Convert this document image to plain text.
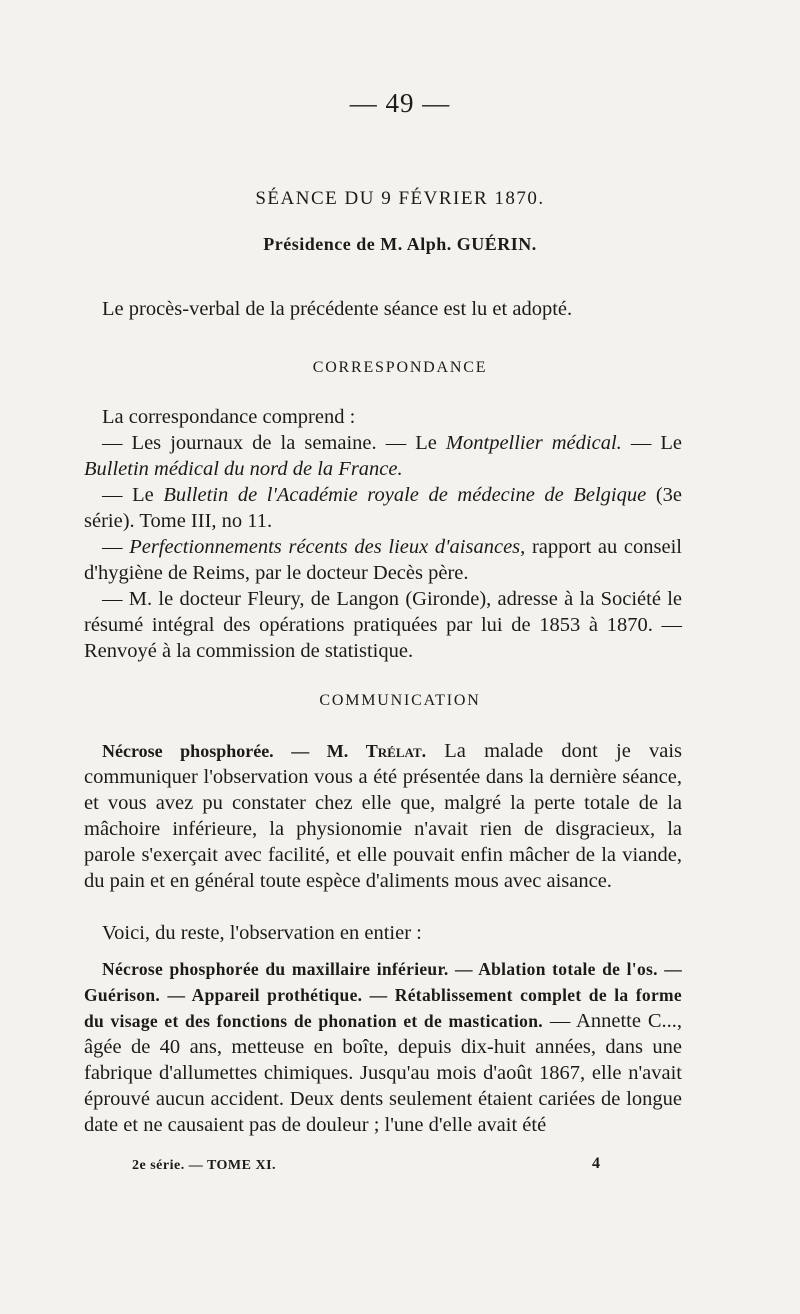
— 49 —
SÉANCE DU 9 FÉVRIER 1870.
Présidence de M. Alph. GUÉRIN.

Le procès-verbal de la précédente séance est lu et adopté.

CORRESPONDANCE

La correspondance comprend :

— Les journaux de la semaine. — Le Montpellier médical. — Le Bulletin médical du nord de la France.

— Le Bulletin de l'Académie royale de médecine de Belgique (3e série). Tome III, no 11.

— Perfectionnements récents des lieux d'aisances, rapport au conseil d'hygiène de Reims, par le docteur Decès père.

— M. le docteur Fleury, de Langon (Gironde), adresse à la Société le résumé intégral des opérations pratiquées par lui de 1853 à 1870. — Renvoyé à la commission de statistique.

COMMUNICATION

Nécrose phosphorée. — M. Trélat. La malade dont je vais communiquer l'observation vous a été présentée dans la dernière séance, et vous avez pu constater chez elle que, malgré la perte totale de la mâchoire inférieure, la physionomie n'avait rien de disgracieux, la parole s'exerçait avec facilité, et elle pouvait enfin mâcher de la viande, du pain et en général toute espèce d'aliments mous avec aisance.

Voici, du reste, l'observation en entier :

Nécrose phosphorée du maxillaire inférieur. — Ablation totale de l'os. — Guérison. — Appareil prothétique. — Rétablissement complet de la forme du visage et des fonctions de phonation et de mastication. — Annette C..., âgée de 40 ans, metteuse en boîte, depuis dix-huit années, dans une fabrique d'allumettes chimiques. Jusqu'au mois d'août 1867, elle n'avait éprouvé aucun accident. Deux dents seulement étaient cariées de longue date et ne causaient pas de douleur ; l'une d'elle avait été

2e série. — TOME XI.	4
